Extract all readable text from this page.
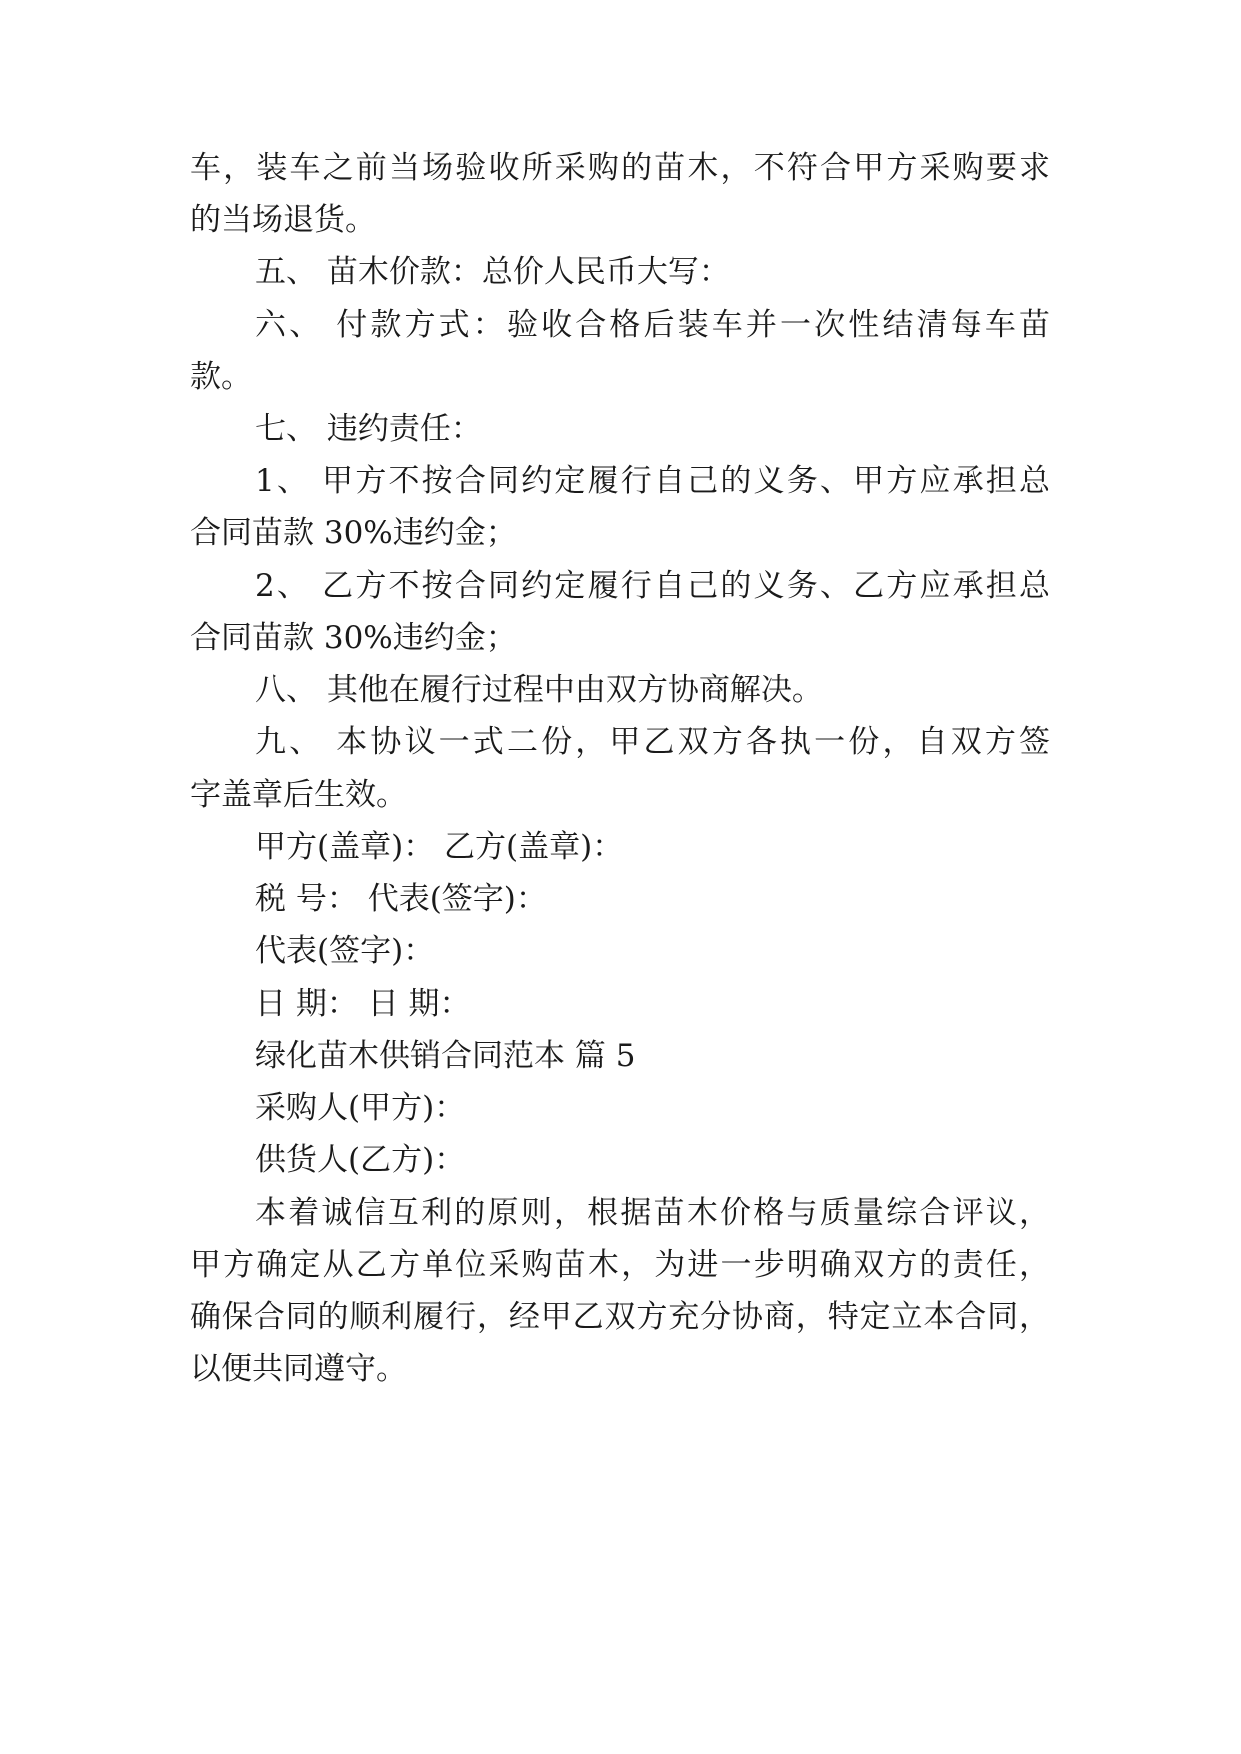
车，装车之前当场验收所采购的苗木，不符合甲方采购要求
的当场退货。
五、 苗木价款：总价人民币大写：
六、 付款方式：验收合格后装车并一次性结清每车苗
款。
七、 违约责任：
1、 甲方不按合同约定履行自己的义务、甲方应承担总
合同苗款 30%违约金；
2、 乙方不按合同约定履行自己的义务、乙方应承担总
合同苗款 30%违约金；
八、 其他在履行过程中由双方协商解决。
九、 本协议一式二份，甲乙双方各执一份，自双方签
字盖章后生效。
甲方(盖章)： 乙方(盖章)：
税 号： 代表(签字)：
代表(签字)：
日 期： 日 期：
绿化苗木供销合同范本 篇 5
采购人(甲方)：
供货人(乙方)：
本着诚信互利的原则，根据苗木价格与质量综合评议，
甲方确定从乙方单位采购苗木，为进一步明确双方的责任，
确保合同的顺利履行，经甲乙双方充分协商，特定立本合同，
以便共同遵守。
